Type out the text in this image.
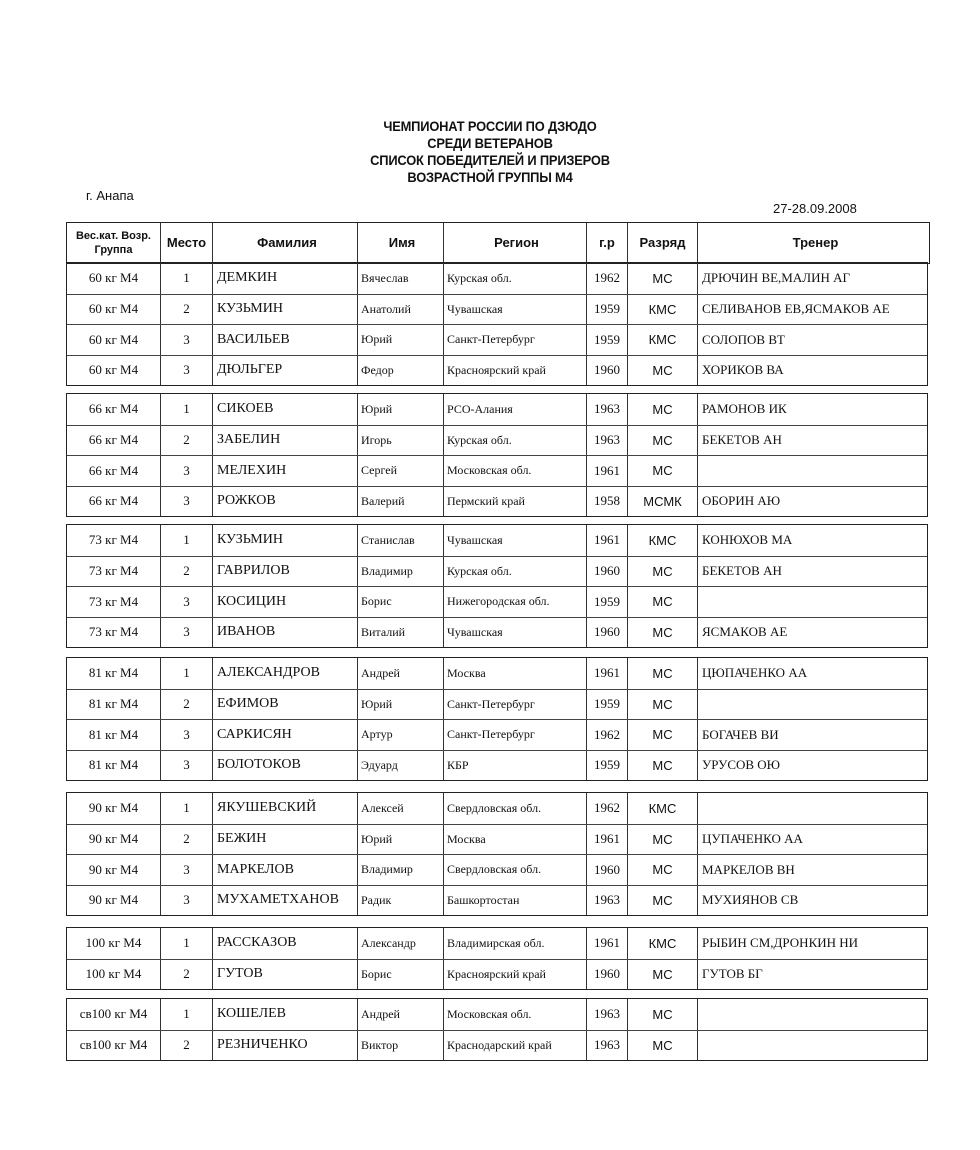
ЧЕМПИОНАТ РОССИИ ПО ДЗЮДО
СРЕДИ ВЕТЕРАНОВ
СПИСОК ПОБЕДИТЕЛЕЙ И ПРИЗЕРОВ
ВОЗРАСТНОЙ ГРУППЫ М4
г. Анапа
27-28.09.2008
Вес.кат. Возр. Группа	Место	Фамилия	Имя	Регион	г.р	Разряд	Тренер
60 кг М4	1	ДЕМКИН	Вячеслав	Курская обл.	1962	МС	ДРЮЧИН ВЕ,МАЛИН АГ
60 кг М4	2	КУЗЬМИН	Анатолий	Чувашская	1959	КМС	СЕЛИВАНОВ ЕВ,ЯСМАКОВ АЕ
60 кг М4	3	ВАСИЛЬЕВ	Юрий	Санкт-Петербург	1959	КМС	СОЛОПОВ ВТ
60 кг М4	3	ДЮЛЬГЕР	Федор	Красноярский край	1960	МС	ХОРИКОВ ВА
66 кг М4	1	СИКОЕВ	Юрий	РСО-Алания	1963	МС	РАМОНОВ ИК
66 кг М4	2	ЗАБЕЛИН	Игорь	Курская обл.	1963	МС	БЕКЕТОВ АН
66 кг М4	3	МЕЛЕХИН	Сергей	Московская обл.	1961	МС
66 кг М4	3	РОЖКОВ	Валерий	Пермский край	1958	МСМК	ОБОРИН АЮ
73 кг М4	1	КУЗЬМИН	Станислав	Чувашская	1961	КМС	КОНЮХОВ МА
73 кг М4	2	ГАВРИЛОВ	Владимир	Курская обл.	1960	МС	БЕКЕТОВ АН
73 кг М4	3	КОСИЦИН	Борис	Нижегородская обл.	1959	МС
73 кг М4	3	ИВАНОВ	Виталий	Чувашская	1960	МС	ЯСМАКОВ АЕ
81 кг М4	1	АЛЕКСАНДРОВ	Андрей	Москва	1961	МС	ЦЮПАЧЕНКО АА
81 кг М4	2	ЕФИМОВ	Юрий	Санкт-Петербург	1959	МС
81 кг М4	3	САРКИСЯН	Артур	Санкт-Петербург	1962	МС	БОГАЧЕВ ВИ
81 кг М4	3	БОЛОТОКОВ	Эдуард	КБР	1959	МС	УРУСОВ ОЮ
90 кг М4	1	ЯКУШЕВСКИЙ	Алексей	Свердловская обл.	1962	КМС
90 кг М4	2	БЕЖИН	Юрий	Москва	1961	МС	ЦУПАЧЕНКО АА
90 кг М4	3	МАРКЕЛОВ	Владимир	Свердловская обл.	1960	МС	МАРКЕЛОВ ВН
90 кг М4	3	МУХАМЕТХАНОВ	Радик	Башкортостан	1963	МС	МУХИЯНОВ СВ
100 кг М4	1	РАССКАЗОВ	Александр	Владимирская обл.	1961	КМС	РЫБИН СМ,ДРОНКИН НИ
100 кг М4	2	ГУТОВ	Борис	Красноярский край	1960	МС	ГУТОВ БГ
св100 кг М4	1	КОШЕЛЕВ	Андрей	Московская обл.	1963	МС
св100 кг М4	2	РЕЗНИЧЕНКО	Виктор	Краснодарский край	1963	МС
